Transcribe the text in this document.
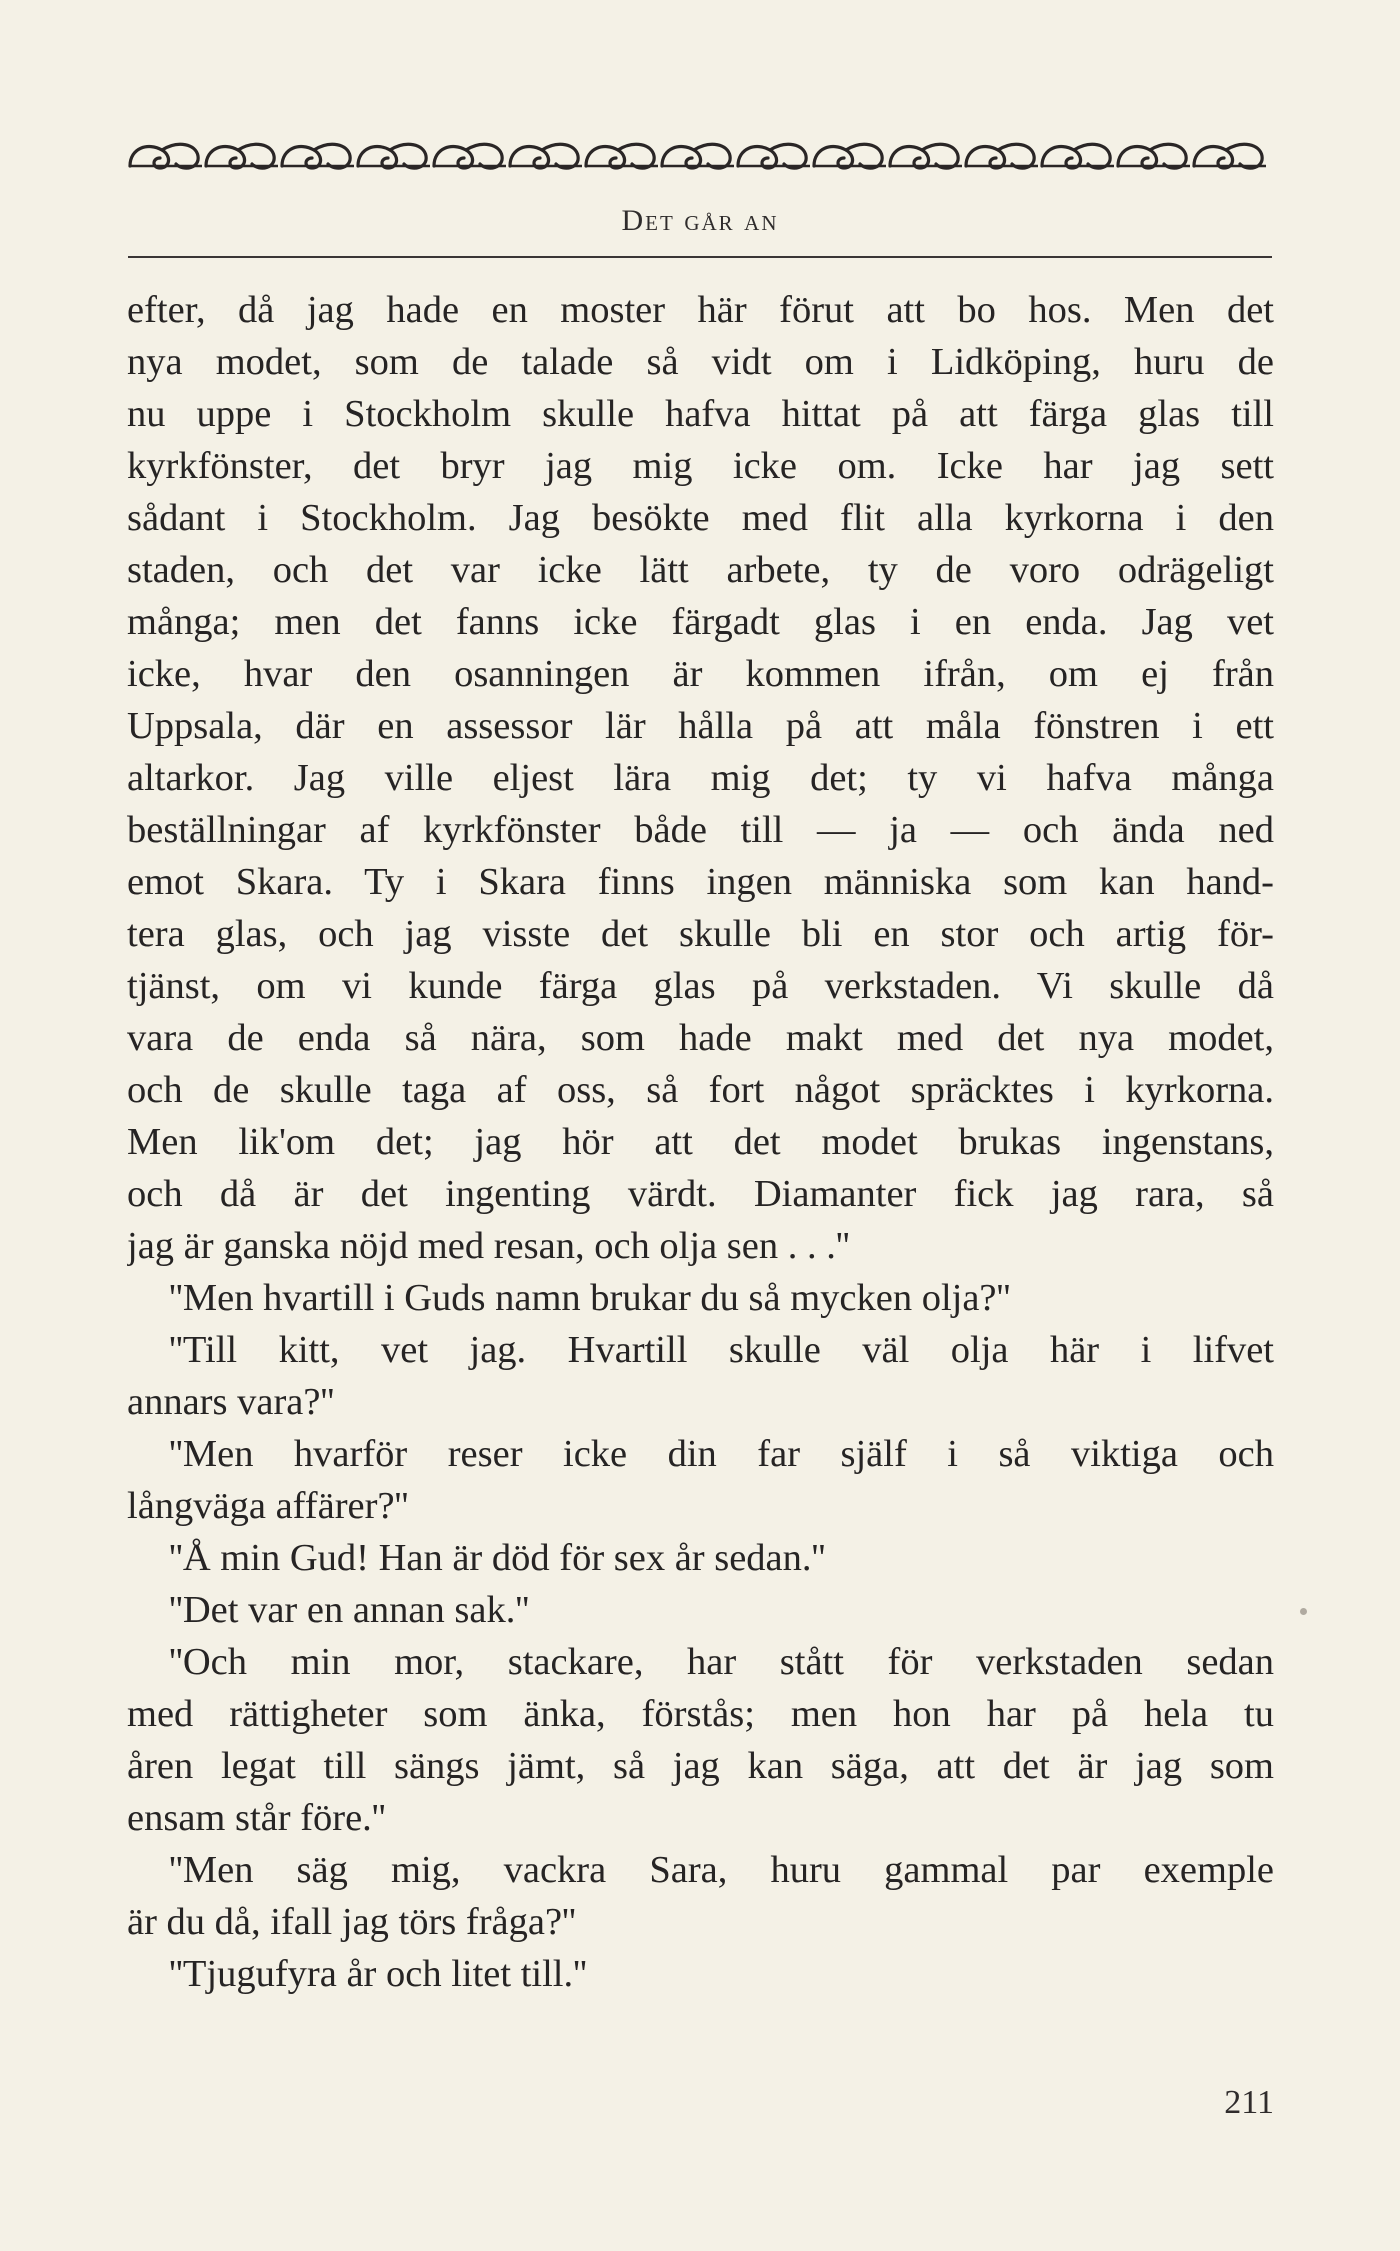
Det går an
efter, då jag hade en moster här förut att bo hos. Men det
nya modet, som de talade så vidt om i Lidköping, huru de
nu uppe i Stockholm skulle hafva hittat på att färga glas till
kyrkfönster, det bryr jag mig icke om. Icke har jag sett
sådant i Stockholm. Jag besökte med flit alla kyrkorna i den
staden, och det var icke lätt arbete, ty de voro odrägeligt
många; men det fanns icke färgadt glas i en enda. Jag vet
icke, hvar den osanningen är kommen ifrån, om ej från
Uppsala, där en assessor lär hålla på att måla fönstren i ett
altarkor. Jag ville eljest lära mig det; ty vi hafva många
beställningar af kyrkfönster både till — ja — och ända ned
emot Skara. Ty i Skara finns ingen människa som kan hand-
tera glas, och jag visste det skulle bli en stor och artig för-
tjänst, om vi kunde färga glas på verkstaden. Vi skulle då
vara de enda så nära, som hade makt med det nya modet,
och de skulle taga af oss, så fort något spräcktes i kyrkorna.
Men lik'om det; jag hör att det modet brukas ingenstans,
och då är det ingenting värdt. Diamanter fick jag rara, så
jag är ganska nöjd med resan, och olja sen . . .''
''Men hvartill i Guds namn brukar du så mycken olja?''
''Till kitt, vet jag. Hvartill skulle väl olja här i lifvet
annars vara?''
''Men hvarför reser icke din far själf i så viktiga och
långväga affärer?''
''Å min Gud! Han är död för sex år sedan.''
''Det var en annan sak.''
''Och min mor, stackare, har stått för verkstaden sedan
med rättigheter som änka, förstås; men hon har på hela tu
åren legat till sängs jämt, så jag kan säga, att det är jag som
ensam står före.''
''Men säg mig, vackra Sara, huru gammal par exemple
är du då, ifall jag törs fråga?''
''Tjugufyra år och litet till.''
211
